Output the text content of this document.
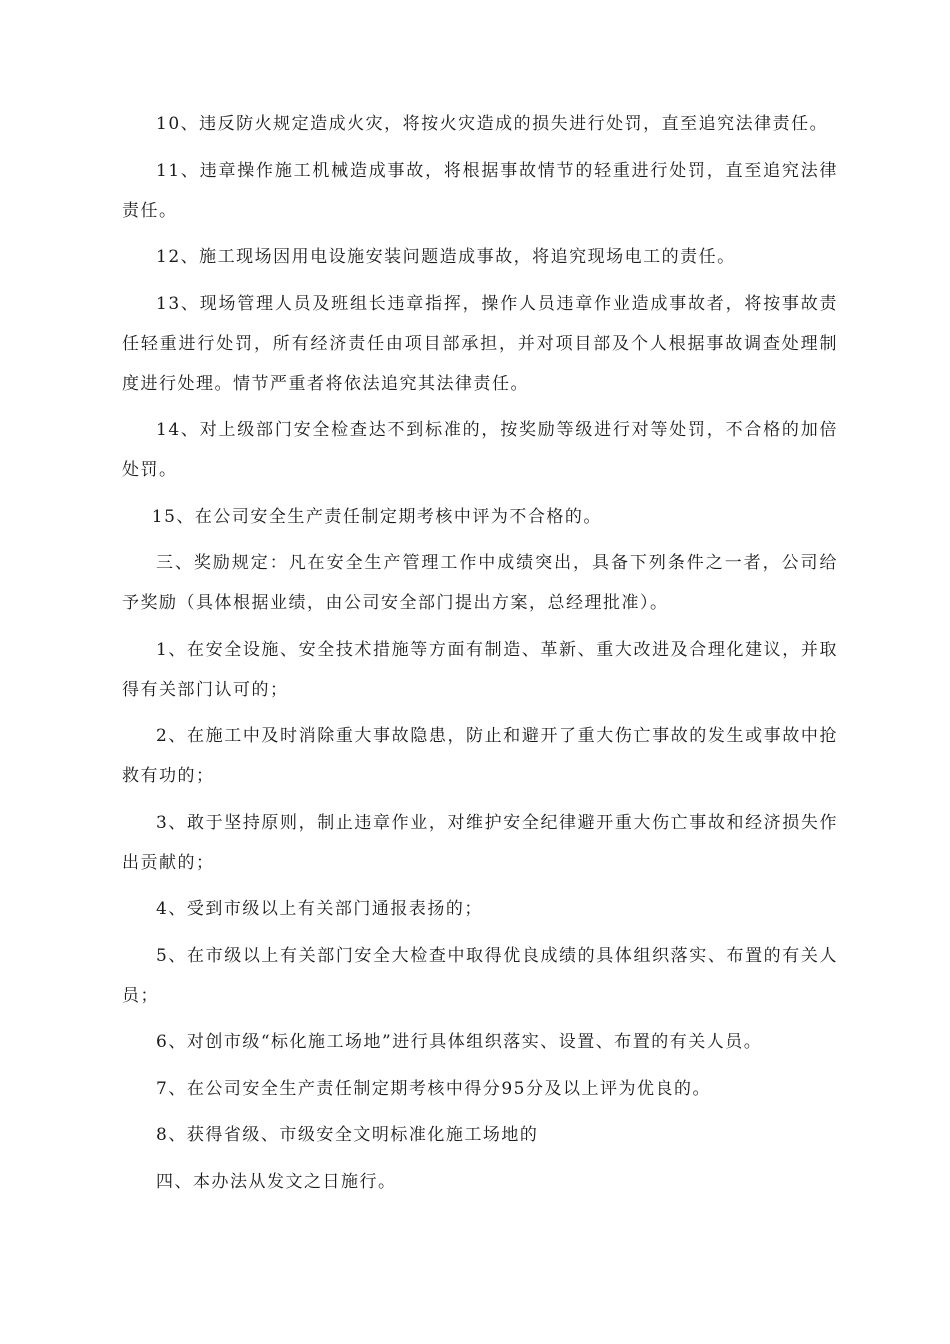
10、违反防火规定造成火灾，将按火灾造成的损失进行处罚，直至追究法律责任。

11、违章操作施工机械造成事故，将根据事故情节的轻重进行处罚，直至追究法律责任。

12、施工现场因用电设施安装问题造成事故，将追究现场电工的责任。

13、现场管理人员及班组长违章指挥，操作人员违章作业造成事故者，将按事故责任轻重进行处罚，所有经济责任由项目部承担，并对项目部及个人根据事故调查处理制度进行处理。情节严重者将依法追究其法律责任。

14、对上级部门安全检查达不到标准的，按奖励等级进行对等处罚，不合格的加倍处罚。

15、在公司安全生产责任制定期考核中评为不合格的。

三、奖励规定：凡在安全生产管理工作中成绩突出，具备下列条件之一者，公司给予奖励（具体根据业绩，由公司安全部门提出方案，总经理批准）。

1、在安全设施、安全技术措施等方面有制造、革新、重大改进及合理化建议，并取得有关部门认可的；

2、在施工中及时消除重大事故隐患，防止和避开了重大伤亡事故的发生或事故中抢救有功的；

3、敢于坚持原则，制止违章作业，对维护安全纪律避开重大伤亡事故和经济损失作出贡献的；

4、受到市级以上有关部门通报表扬的；

5、在市级以上有关部门安全大检查中取得优良成绩的具体组织落实、布置的有关人员；

6、对创市级“标化施工场地”进行具体组织落实、设置、布置的有关人员。

7、在公司安全生产责任制定期考核中得分95分及以上评为优良的。

8、获得省级、市级安全文明标准化施工场地的

四、本办法从发文之日施行。
